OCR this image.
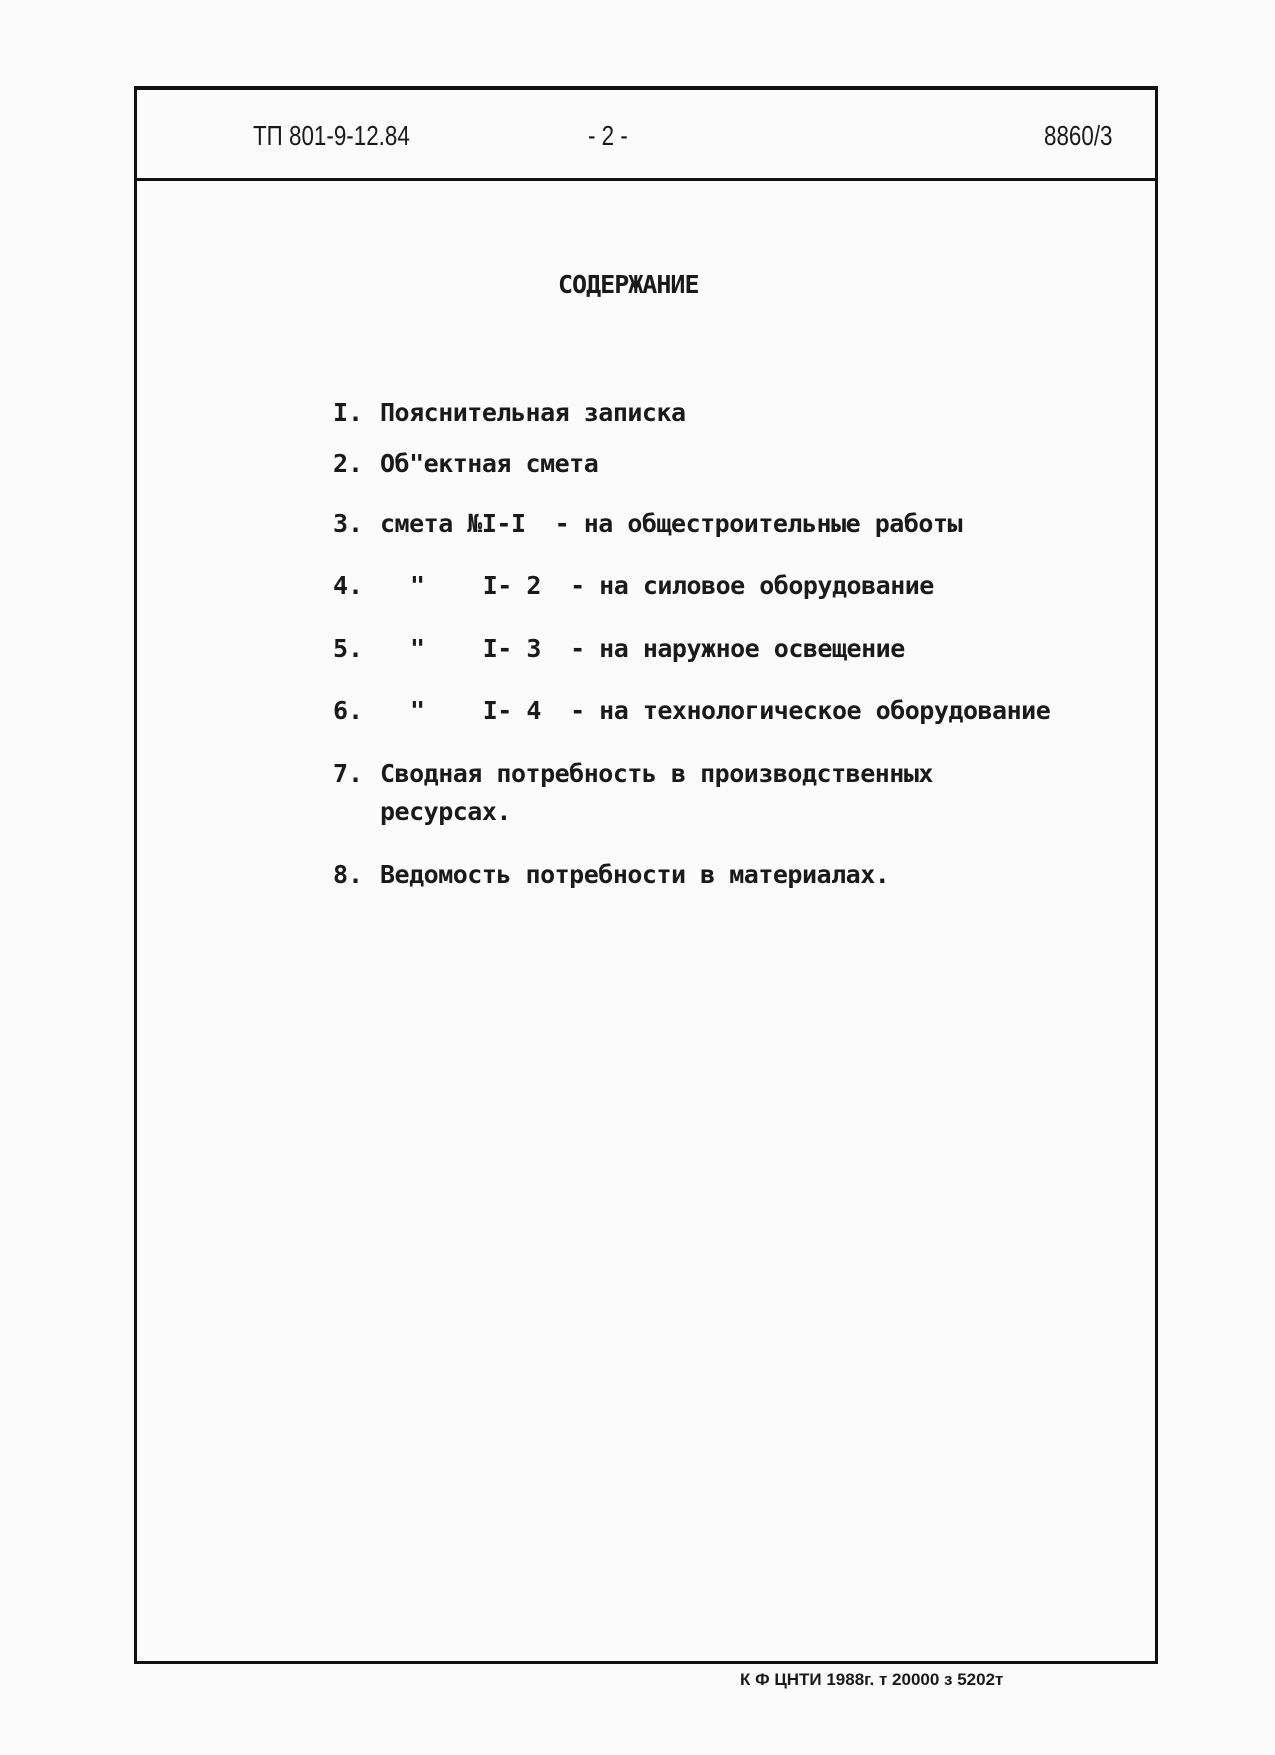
ТП 801-9-12.84	- 2 -	8860/3
СОДЕРЖАНИЕ
I. Пояснительная записка
2. Об"ектная смета
3. смета №I-I  - на общестроительные работы
4. "    I- 2  - на силовое оборудование
5. "    I- 3  - на наружное освещение
6. "    I- 4  - на технологическое оборудование
7. Сводная потребность в производственных
ресурсах.
8. Ведомость потребности в материалах.
К Ф ЦНТИ 1988г. т 20000 з 5202т
